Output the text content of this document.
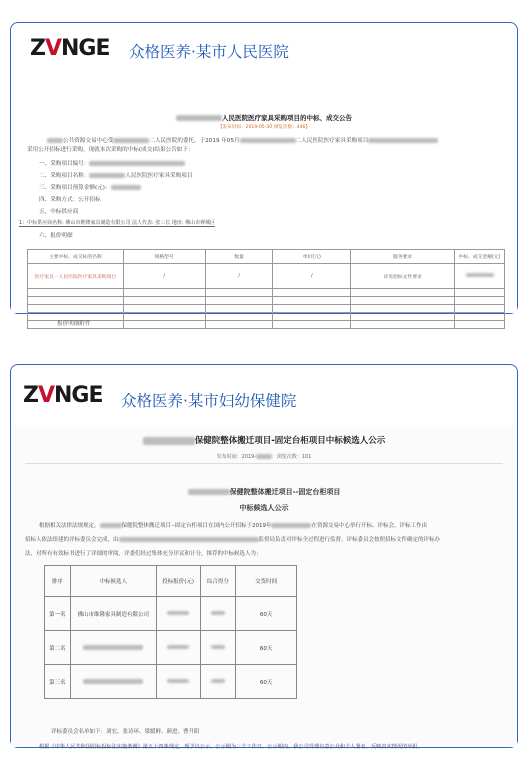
ZVNGE 众格医养·某市人民医院
人民医院医疗家具采购项目的中标、成交公告
【发布时间：2019-05-30 浏览次数：446】
公共资源交易中心受	二人民医院的委托，于2019 年05月	二人民医院医疗家具采购项目
采用公开招标进行采购。现就本次采购的中标(成交)结果公告如下：
一、采购项目编号：
二、采购项目名称：	人民医院医疗家具采购项目
三、采购项目预算金额(元)：
四、采购方式：公开招标
五、中标供应商
1：中标供应商名称: 佛山市维隆家具制造有限公司 法人代表: 张三长 地址: 佛山市禅城区
六、报价明细
主要中标、成交标的名称	规格型号	数量	单价(元)	服务要求	中标、成交金额(元)
医疗家具一人民医院医疗家具采购项目	/	/	/	详见招标文件要求	

报价明细附件
ZVNGE 众格医养·某市妇幼保健院
保健院整体搬迁项目-固定台柜项目中标候选人公示
发布时间：2019-	浏览次数：101
保健院整体搬迁项目--固定台柜项目
中标候选人公示
根据相关法律法规规定，	保健院整体搬迁项目--固定台柜项目在国内公开招标于2019年	在资源交易中心举行开标、评标会。评标工作由
招标人依法组建的评标委员会完成，由	监督局负责对评标全过程进行监督。评标委员会按照招标文件确定的评标办
法，对所有有效标书进行了详细的审阅，评委们经过集体充分评议和计分，推荐的中标候选人为：
排序	中标候选人	投标报价(元)	综合得分	交货时间
第一名	佛山市维隆家具制造有限公司			60天
第二名				60天
第三名				60天
评标委员会名单如下：刘宏、张诗环、梁媛鲜、颜进、曹升阳
根据《中华人民共和国招标投标法实施条例》第五十四条规定，现予以公示，公示期为三个工作日。公示期内，我公司受理有意公众和个人署名、反映真实情况的举报。
